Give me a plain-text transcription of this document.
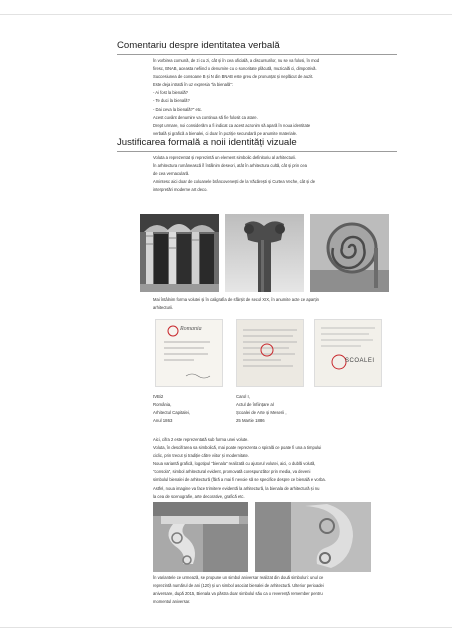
Comentariu despre identitatea verbală

În vorbirea comună, de zi cu zi, cât și în cea oficială, a discursurilor, nu se va folosi, în mod

firesc, BNAB, aceasta nefiind o denumire cu o sonoritate plăcută, muzicală ci, dimpotrivă.

Succesiunea de consoane B și N din BNAB este greu de pronunțat și neplăcut de auzit.

Este deja intrată în uz expresia "la bienală":

- Ai fost la bienală?

- Te duci la bienală?

- Dai ceva la bienală?" etc.

Acest cuvânt denumire va continua să fie folosit ca atare.

Drept urmare, noi considerăm a fi indicat ca acest acronim să apară în noua identitate

verbală și grafică a bienalei, ci doar în poziție secundară pe anumite materiale.

Justificarea formală a noii identități vizuale

Voluta a reprezentat și reprezintă un element simbolic definitoriu al arhitecturii.

În arhitectura românească îl întâlnim deseori, atât în arhitectura cultă, cât și prin cea

de cea vernaculară.

Amintesc aici doar de coloanele brâncovenești de la Văcărești și Curtea Veche, cât și de

interpretări moderne art deco.

Mai întâlnim forma volutei și în caligrafia de sfârșit de secol XIX, în anumite acte ce aparțin

arhitecturii.

Romania
SCOALEI
tVBi2
România,
Arhitectul Capitalei,
Anul 1863
Carol I,
Actul de înființare al
Școalei de Arte și Meserii ,
25 Martie 1886

Aici, cifra 2 este reprezentată sub forma unei volute.

Voluta, în descifrarea sa simbolică, mai poate reprezenta o spirală ce poate fi una a timpului

ciclic, prin trecut și tradiție către viitor și modernitate.

Noua variantă grafică, logotipul "bienala" realizată cu ajutorul volutei, aici, o dublă volută,

"consola", simbol arhitectural evident, promovată corespunzător prin media, va deveni

simbolul bienalei de arhitectură (fără a mai fi nevoie să se specifice despre ce bienală e vorba.

Astfel, noua imagine va face trimitere evidentă la arhitectură, la bienala de arhitectură și nu

la cea de scenografie, arte decorative, grafică etc.

În variantele ce urmează, se propune un simbol aniversar realizat din două simboluri: unul ce

reprezintă numărul de ani (120) și un simbol asociat bienalei de arhitectură. Ulterior perioadei

aniversare, după 2015, Bienala va păstra doar simbolul său ca o reverență remember pentru

momentul aniversar.
